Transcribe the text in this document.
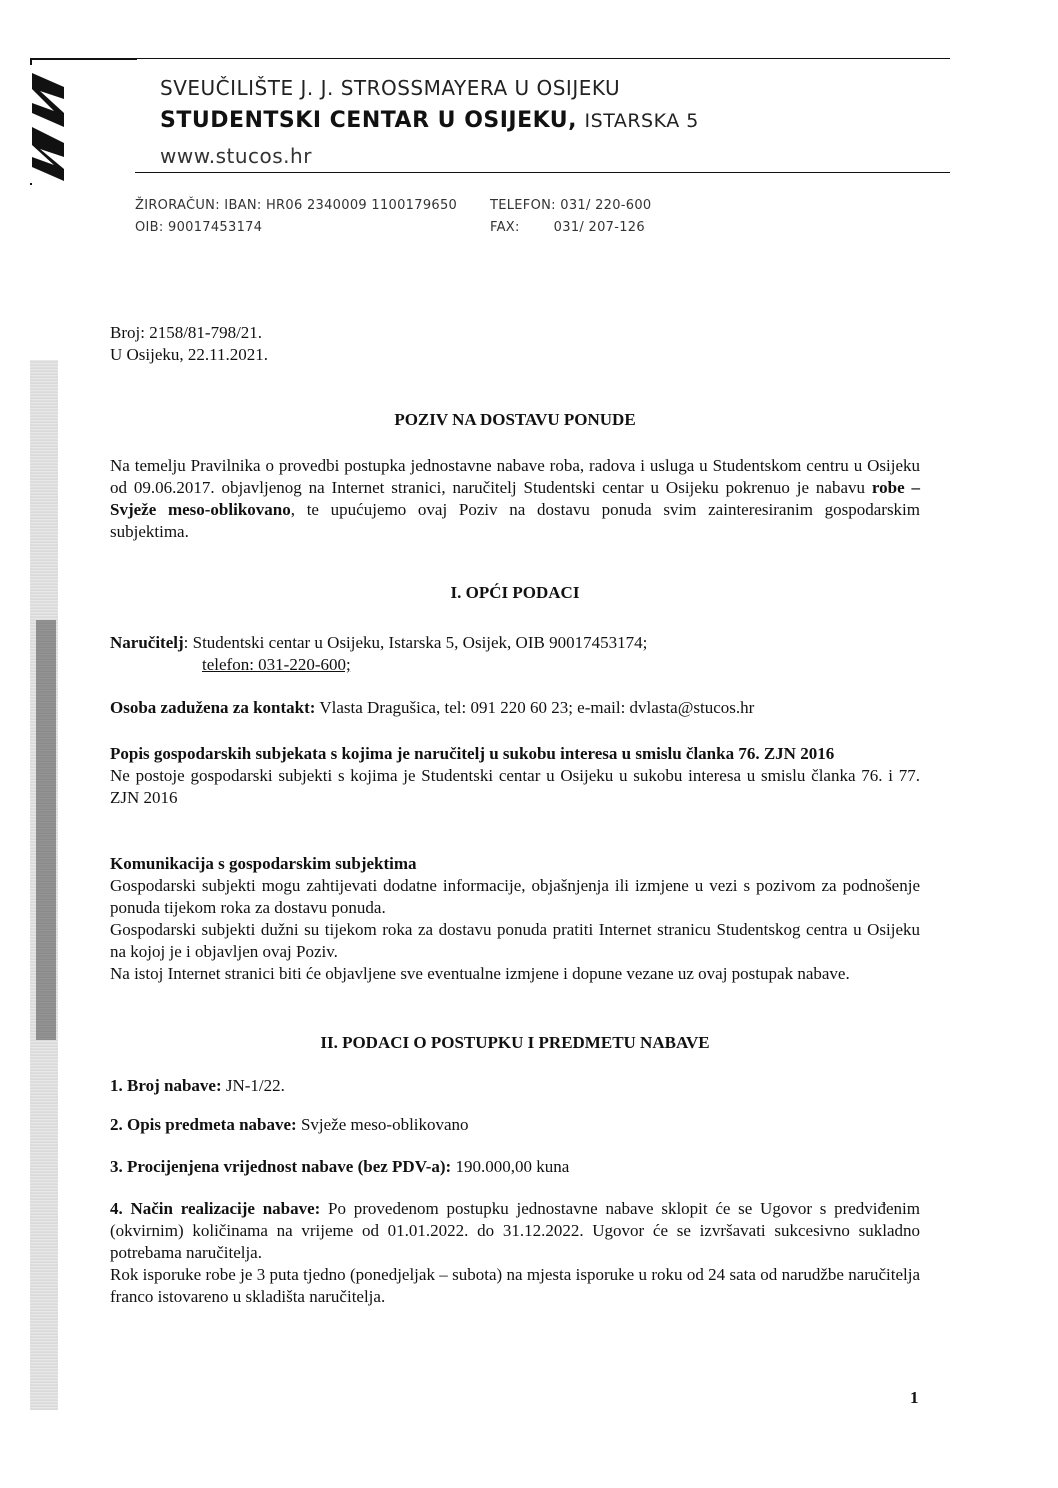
SVEUČILIŠTE J. J. STROSSMAYERA U OSIJEKU
STUDENTSKI CENTAR U OSIJEKU, ISTARSKA 5
www.stucos.hr
ŽIRORAČUN: IBAN: HR06 2340009 1100179650
OIB: 90017453174
TELEFON: 031/ 220-600
FAX:	031/ 207-126
Broj: 2158/81-798/21.
U Osijeku, 22.11.2021.
POZIV NA DOSTAVU PONUDE
Na temelju Pravilnika o provedbi postupka jednostavne nabave roba, radova i usluga u Studentskom centru u Osijeku od 09.06.2017. objavljenog na Internet stranici, naručitelj Studentski centar u Osijeku pokrenuo je nabavu robe – Svježe meso-oblikovano, te upućujemo ovaj Poziv na dostavu ponuda svim zainteresiranim gospodarskim subjektima.
I. OPĆI PODACI
Naručitelj: Studentski centar u Osijeku, Istarska 5, Osijek, OIB 90017453174;
telefon: 031-220-600;
Osoba zadužena za kontakt: Vlasta Dragušica, tel: 091 220 60 23; e-mail: dvlasta@stucos.hr

Popis gospodarskih subjekata s kojima je naručitelj u sukobu interesa u smislu članka 76. ZJN 2016

Ne postoje gospodarski subjekti s kojima je Studentski centar u Osijeku u sukobu interesa u smislu članka 76. i 77. ZJN 2016

Komunikacija s gospodarskim subjektima

Gospodarski subjekti mogu zahtijevati dodatne informacije, objašnjenja ili izmjene u vezi s pozivom za podnošenje ponuda tijekom roka za dostavu ponuda.

Gospodarski subjekti dužni su tijekom roka za dostavu ponuda pratiti Internet stranicu Studentskog centra u Osijeku na kojoj je i objavljen ovaj Poziv.

Na istoj Internet stranici biti će objavljene sve eventualne izmjene i dopune vezane uz ovaj postupak nabave.

II. PODACI O POSTUPKU I PREDMETU NABAVE
1. Broj nabave: JN-1/22.
2. Opis predmeta nabave: Svježe meso-oblikovano
3. Procijenjena vrijednost nabave (bez PDV-a): 190.000,00 kuna

4. Način realizacije nabave: Po provedenom postupku jednostavne nabave sklopit će se Ugovor s predviđenim (okvirnim) količinama na vrijeme od 01.01.2022. do 31.12.2022. Ugovor će se izvršavati sukcesivno sukladno potrebama naručitelja.

Rok isporuke robe je 3 puta tjedno (ponedjeljak – subota) na mjesta isporuke u roku od 24 sata od narudžbe naručitelja franco istovareno u skladišta naručitelja.

1
